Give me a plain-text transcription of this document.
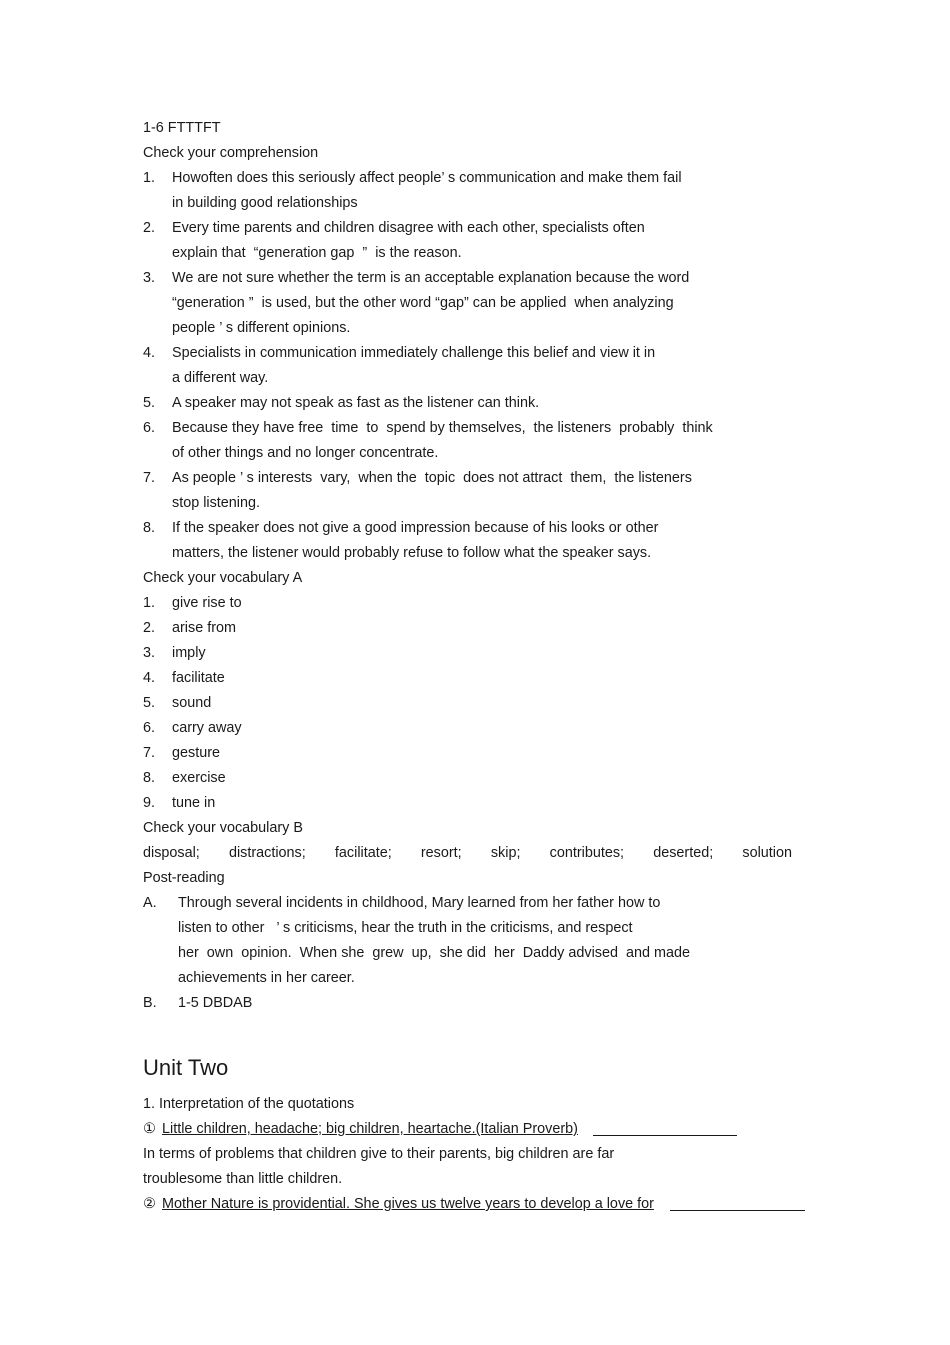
1-6 FTTTFT
Check your comprehension
1. Howoften does this seriously affect people’ s communication and make them fail
in building good relationships
2. Every time parents and children disagree with each other, specialists often
explain that  “generation gap  ”  is the reason.
3. We are not sure whether the term is an acceptable explanation because the word
“generation ”  is used, but the other word “gap” can be applied  when analyzing
people ’ s different opinions.
4. Specialists in communication immediately challenge this belief and view it in
a different way.
5. A speaker may not speak as fast as the listener can think.
6. Because they have free  time  to  spend by themselves,  the listeners  probably  think
of other things and no longer concentrate.
7. As people ’ s interests  vary,  when the  topic  does not attract  them,  the listeners
stop listening.
8. If the speaker does not give a good impression because of his looks or other
matters, the listener would probably refuse to follow what the speaker says.
Check your vocabulary A
1. give rise to
2. arise from
3. imply
4. facilitate
5. sound
6. carry away
7. gesture
8. exercise
9. tune in
Check your vocabulary B
disposal; distractions; facilitate; resort; skip; contributes; deserted; solution
Post-reading
A. Through several incidents in childhood, Mary learned from her father how to
listen to other   ’ s criticisms, hear the truth in the criticisms, and respect
her  own  opinion.  When she  grew  up,  she did  her  Daddy advised  and made
achievements in her career.
B. 1-5 DBDAB
Unit Two
1. Interpretation of the quotations
① Little children, headache; big children, heartache.(Italian Proverb)
In terms of problems that children give to their parents, big children are far
troublesome than little children.
② Mother Nature is providential. She gives us twelve years to develop a love for
